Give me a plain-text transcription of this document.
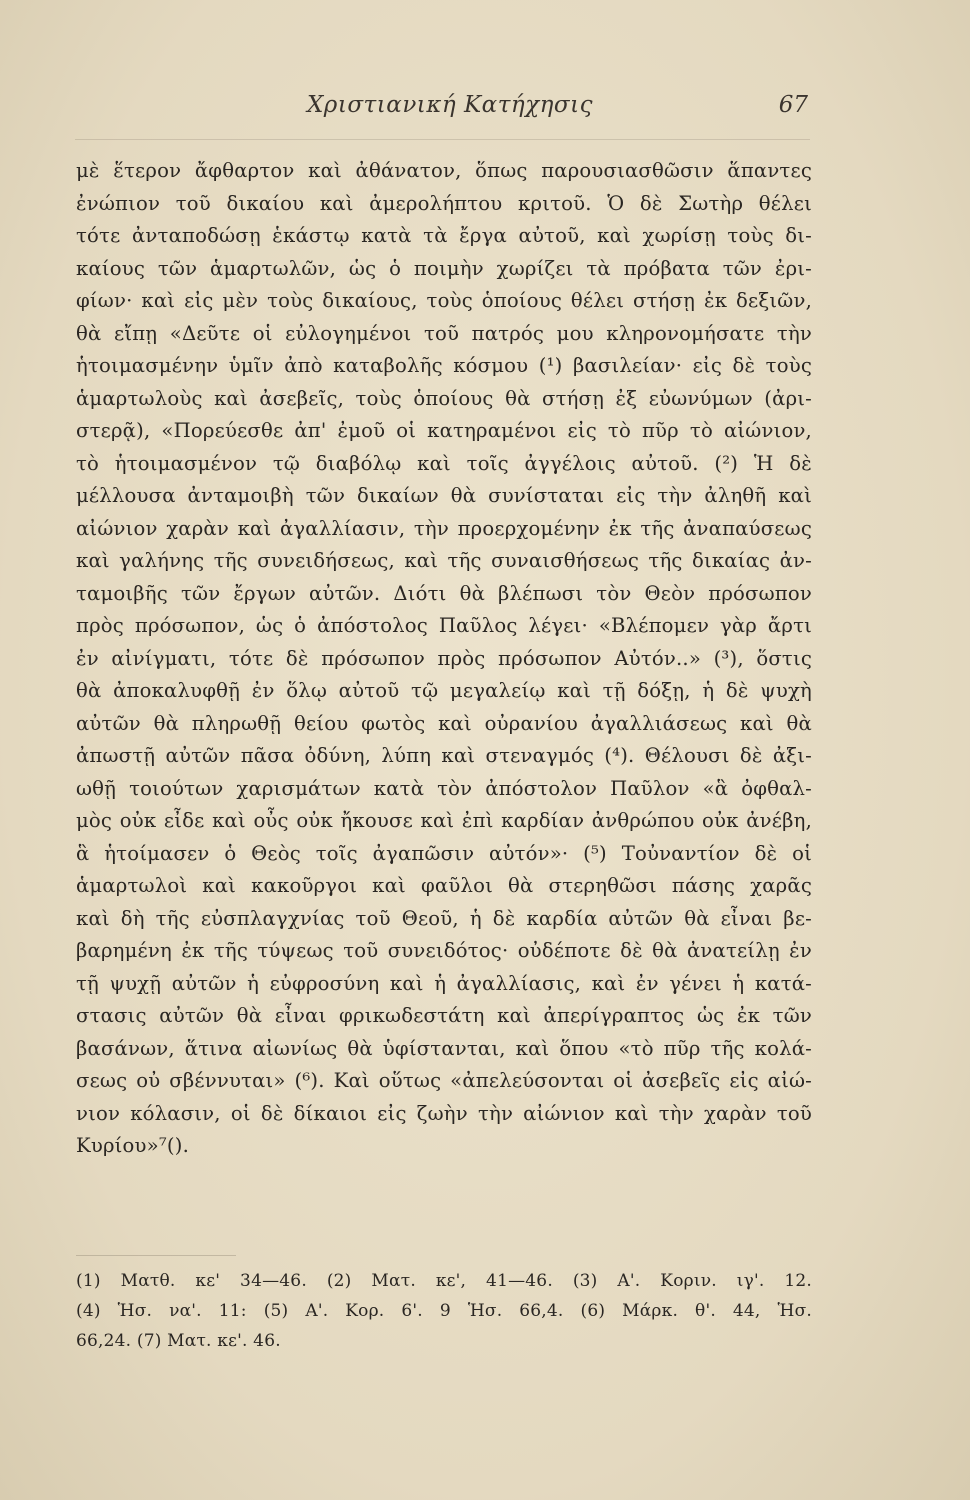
Χριστιανική Κατήχησις	67
μὲ ἕτερον ἄφθαρτον καὶ ἀθάνατον, ὅπως παρουσιασθῶσιν ἅπαντες
ἐνώπιον τοῦ δικαίου καὶ ἀμερολήπτου κριτοῦ. Ὁ δὲ Σωτὴρ θέλει
τότε ἀνταποδώσῃ ἑκάστῳ κατὰ τὰ ἔργα αὐτοῦ, καὶ χωρίσῃ τοὺς δι-
καίους τῶν ἁμαρτωλῶν, ὡς ὁ ποιμὴν χωρίζει τὰ πρόβατα τῶν ἐρι-
φίων· καὶ εἰς μὲν τοὺς δικαίους, τοὺς ὁποίους θέλει στήσῃ ἐκ δεξιῶν,
θὰ εἴπῃ «Δεῦτε οἱ εὐλογημένοι τοῦ πατρός μου κληρονομήσατε τὴν
ἡτοιμασμένην ὑμῖν ἀπὸ καταβολῆς κόσμου (¹) βασιλείαν· εἰς δὲ τοὺς
ἁμαρτωλοὺς καὶ ἀσεβεῖς, τοὺς ὁποίους θὰ στήσῃ ἐξ εὐωνύμων (ἀρι-
στερᾷ), «Πορεύεσθε ἀπ' ἐμοῦ οἱ κατηραμένοι εἰς τὸ πῦρ τὸ αἰώνιον,
τὸ ἡτοιμασμένον τῷ διαβόλῳ καὶ τοῖς ἀγγέλοις αὐτοῦ. (²) Ἡ δὲ
μέλλουσα ἀνταμοιβὴ τῶν δικαίων θὰ συνίσταται εἰς τὴν ἀληθῆ καὶ
αἰώνιον χαρὰν καὶ ἀγαλλίασιν, τὴν προερχομένην ἐκ τῆς ἀναπαύσεως
καὶ γαλήνης τῆς συνειδήσεως, καὶ τῆς συναισθήσεως τῆς δικαίας ἀν-
ταμοιβῆς τῶν ἔργων αὐτῶν. Διότι θὰ βλέπωσι τὸν Θεὸν πρόσωπον
πρὸς πρόσωπον, ὡς ὁ ἀπόστολος Παῦλος λέγει· «Βλέπομεν γὰρ ἄρτι
ἐν αἰνίγματι, τότε δὲ πρόσωπον πρὸς πρόσωπον Αὐτόν..» (³), ὅστις
θὰ ἀποκαλυφθῇ ἐν ὅλῳ αὐτοῦ τῷ μεγαλείῳ καὶ τῇ δόξῃ, ἡ δὲ ψυχὴ
αὐτῶν θὰ πληρωθῇ θείου φωτὸς καὶ οὐρανίου ἀγαλλιάσεως καὶ θὰ
ἀπωστῇ αὐτῶν πᾶσα ὀδύνη, λύπη καὶ στεναγμός (⁴). Θέλουσι δὲ ἀξι-
ωθῇ τοιούτων χαρισμάτων κατὰ τὸν ἀπόστολον Παῦλον «ἃ ὀφθαλ-
μὸς οὐκ εἶδε καὶ οὖς οὐκ ἤκουσε καὶ ἐπὶ καρδίαν ἀνθρώπου οὐκ ἀνέβη,
ἃ ἡτοίμασεν ὁ Θεὸς τοῖς ἀγαπῶσιν αὐτόν»· (⁵) Τοὐναντίον δὲ οἱ
ἁμαρτωλοὶ καὶ κακοῦργοι καὶ φαῦλοι θὰ στερηθῶσι πάσης χαρᾶς
καὶ δὴ τῆς εὐσπλαγχνίας τοῦ Θεοῦ, ἡ δὲ καρδία αὐτῶν θὰ εἶναι βε-
βαρημένη ἐκ τῆς τύψεως τοῦ συνειδότος· οὐδέποτε δὲ θὰ ἀνατείλῃ ἐν
τῇ ψυχῇ αὐτῶν ἡ εὐφροσύνη καὶ ἡ ἀγαλλίασις, καὶ ἐν γένει ἡ κατά-
στασις αὐτῶν θὰ εἶναι φρικωδεστάτη καὶ ἀπερίγραπτος ὡς ἐκ τῶν
βασάνων, ἅτινα αἰωνίως θὰ ὑφίστανται, καὶ ὅπου «τὸ πῦρ τῆς κολά-
σεως οὐ σβέννυται» (⁶). Καὶ οὕτως «ἀπελεύσονται οἱ ἀσεβεῖς εἰς αἰώ-
νιον κόλασιν, οἱ δὲ δίκαιοι εἰς ζωὴν τὴν αἰώνιον καὶ τὴν χαρὰν τοῦ
Κυρίου»⁷().
(1) Ματθ. κε' 34—46. (2) Ματ. κε', 41—46. (3) Α'. Κοριν. ιγ'. 12.
(4) Ἡσ. να'. 11: (5) Α'. Κορ. 6'. 9 Ἡσ. 66,4. (6) Μάρκ. θ'. 44, Ἡσ.
66,24. (7) Ματ. κε'. 46.
